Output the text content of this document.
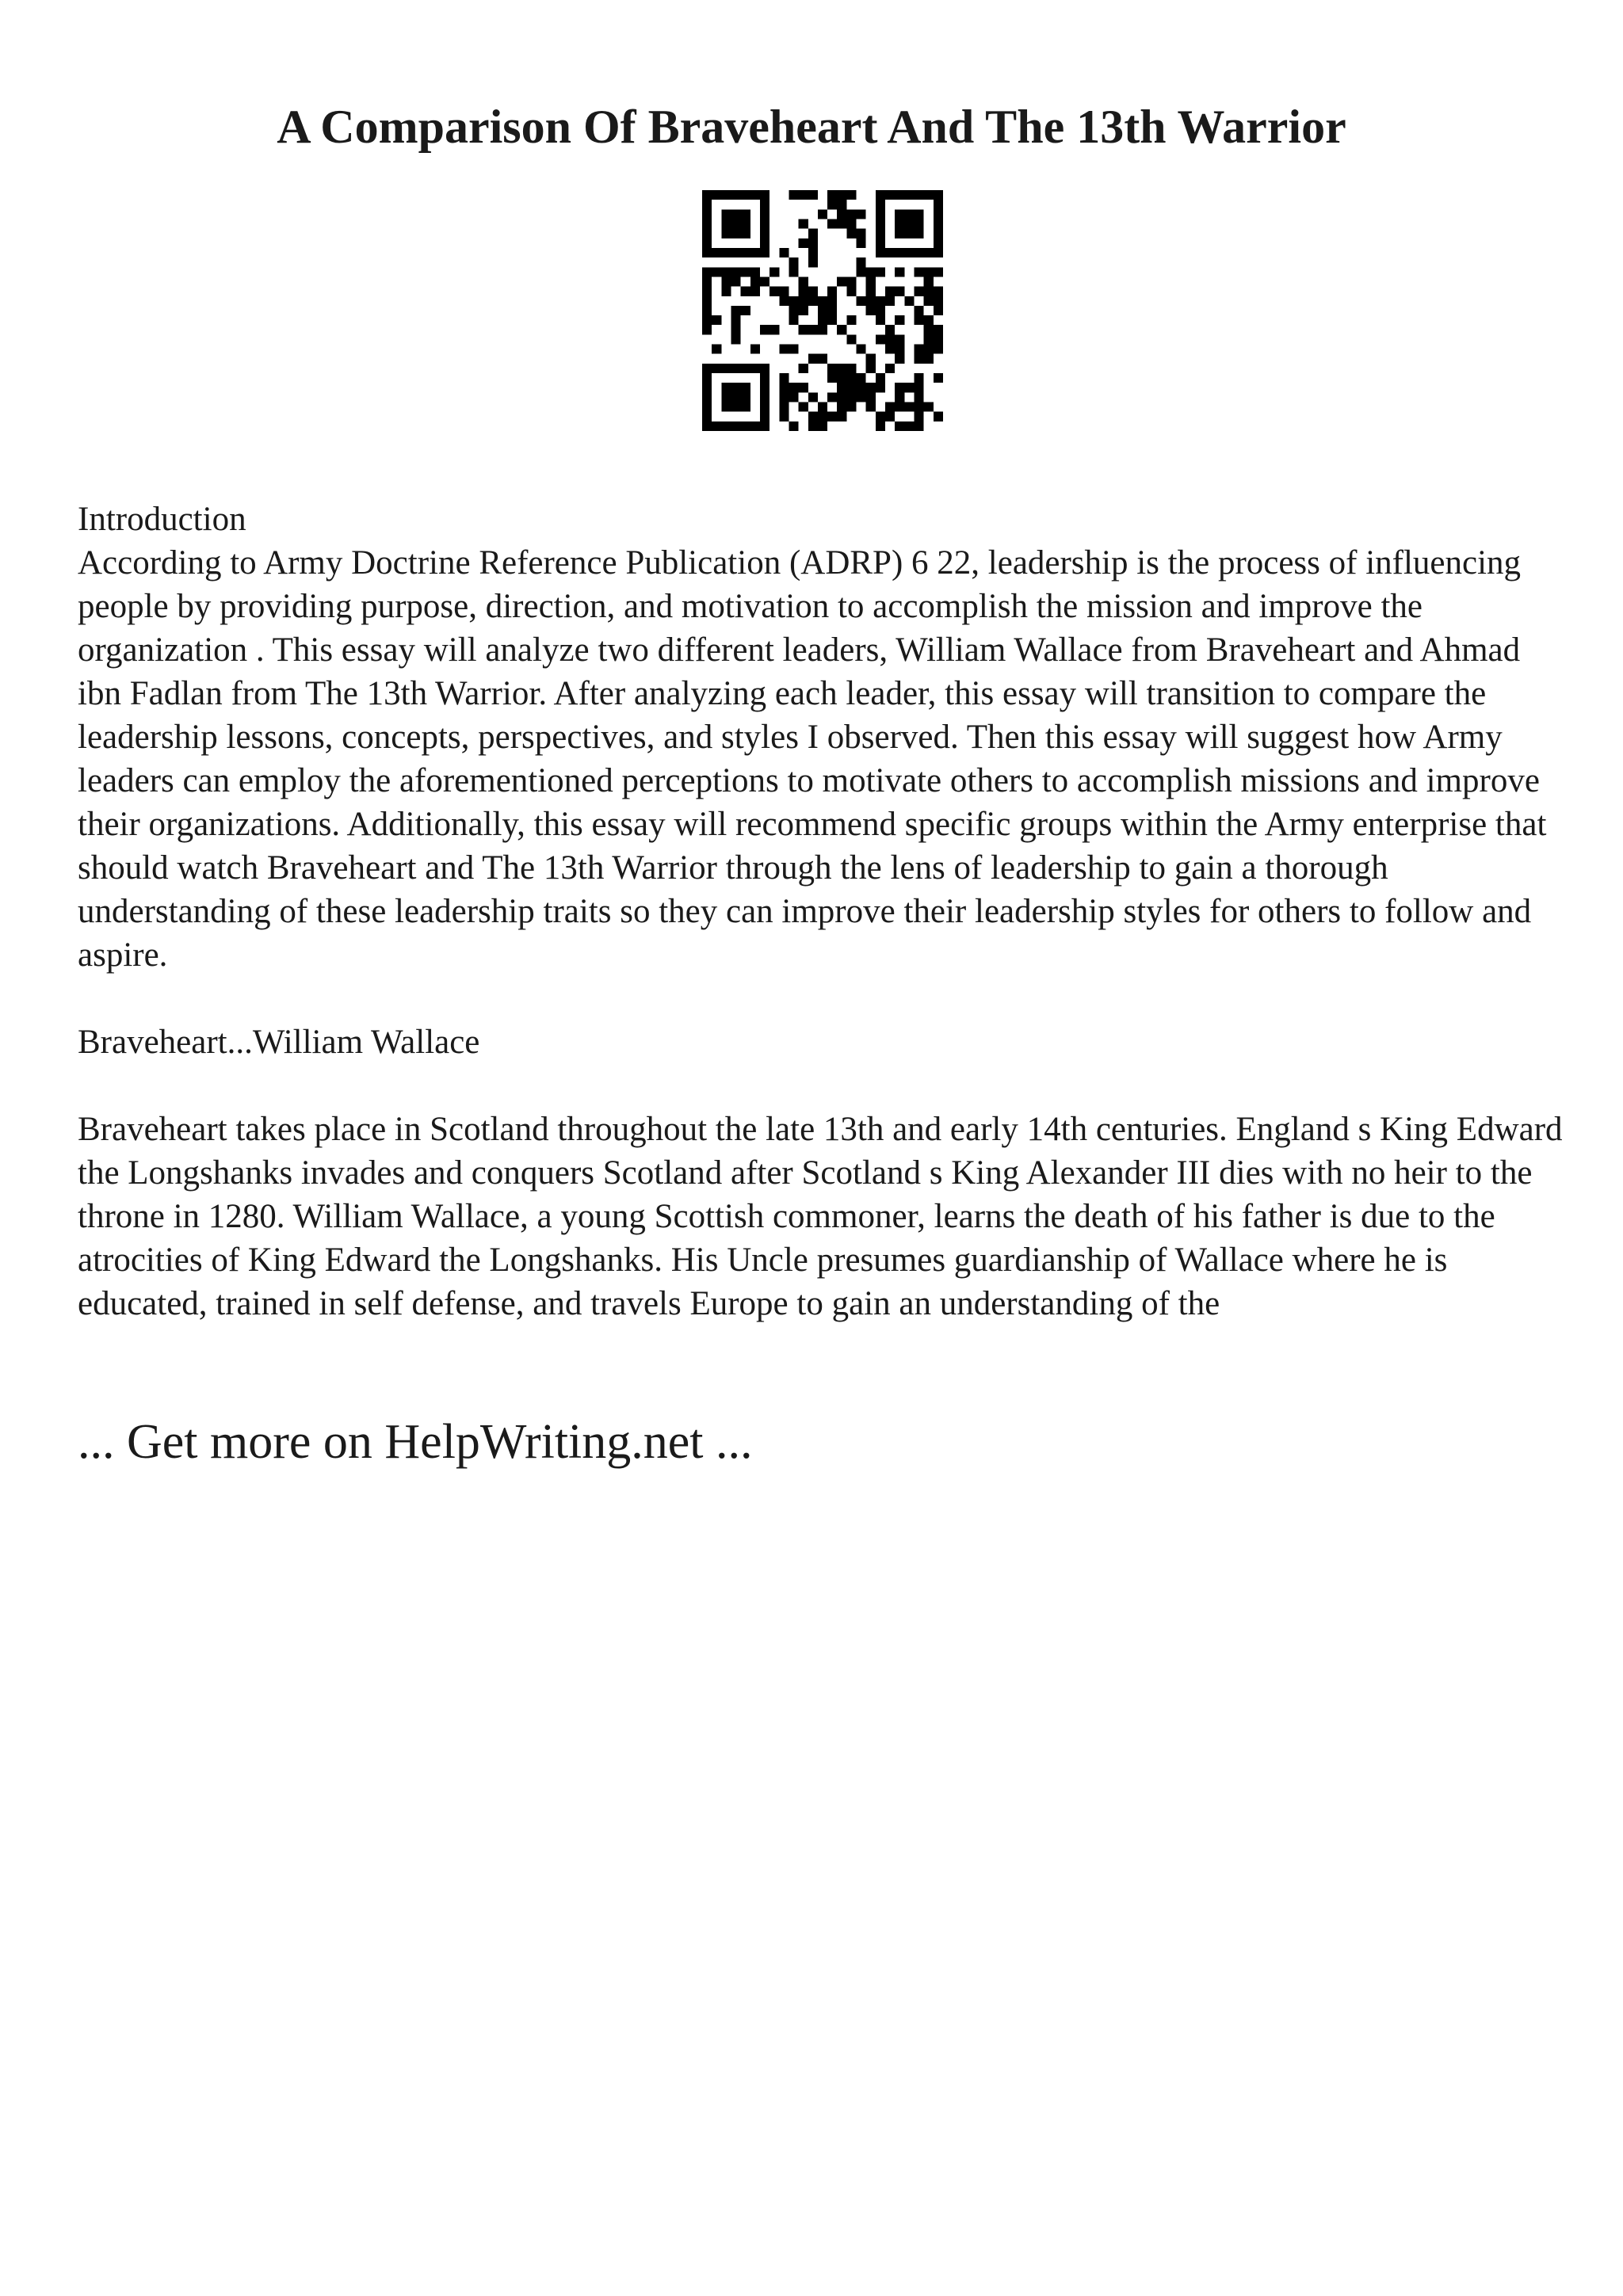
A Comparison Of Braveheart And The 13th Warrior

Introduction

According to Army Doctrine Reference Publication (ADRP) 6 22, leadership is the process of influencing people by providing purpose, direction, and motivation to accomplish the mission and improve the organization . This essay will analyze two different leaders, William Wallace from Braveheart and Ahmad ibn Fadlan from The 13th Warrior. After analyzing each leader, this essay will transition to compare the leadership lessons, concepts, perspectives, and styles I observed. Then this essay will suggest how Army leaders can employ the aforementioned perceptions to motivate others to accomplish missions and improve their organizations. Additionally, this essay will recommend specific groups within the Army enterprise that should watch Braveheart and The 13th Warrior through the lens of leadership to gain a thorough understanding of these leadership traits so they can improve their leadership styles for others to follow and aspire.

Braveheart...William Wallace

Braveheart takes place in Scotland throughout the late 13th and early 14th centuries. England s King Edward the Longshanks invades and conquers Scotland after Scotland s King Alexander III dies with no heir to the throne in 1280. William Wallace, a young Scottish commoner, learns the death of his father is due to the atrocities of King Edward the Longshanks. His Uncle presumes guardianship of Wallace where he is educated, trained in self defense, and travels Europe to gain an understanding of the

... Get more on HelpWriting.net ...
